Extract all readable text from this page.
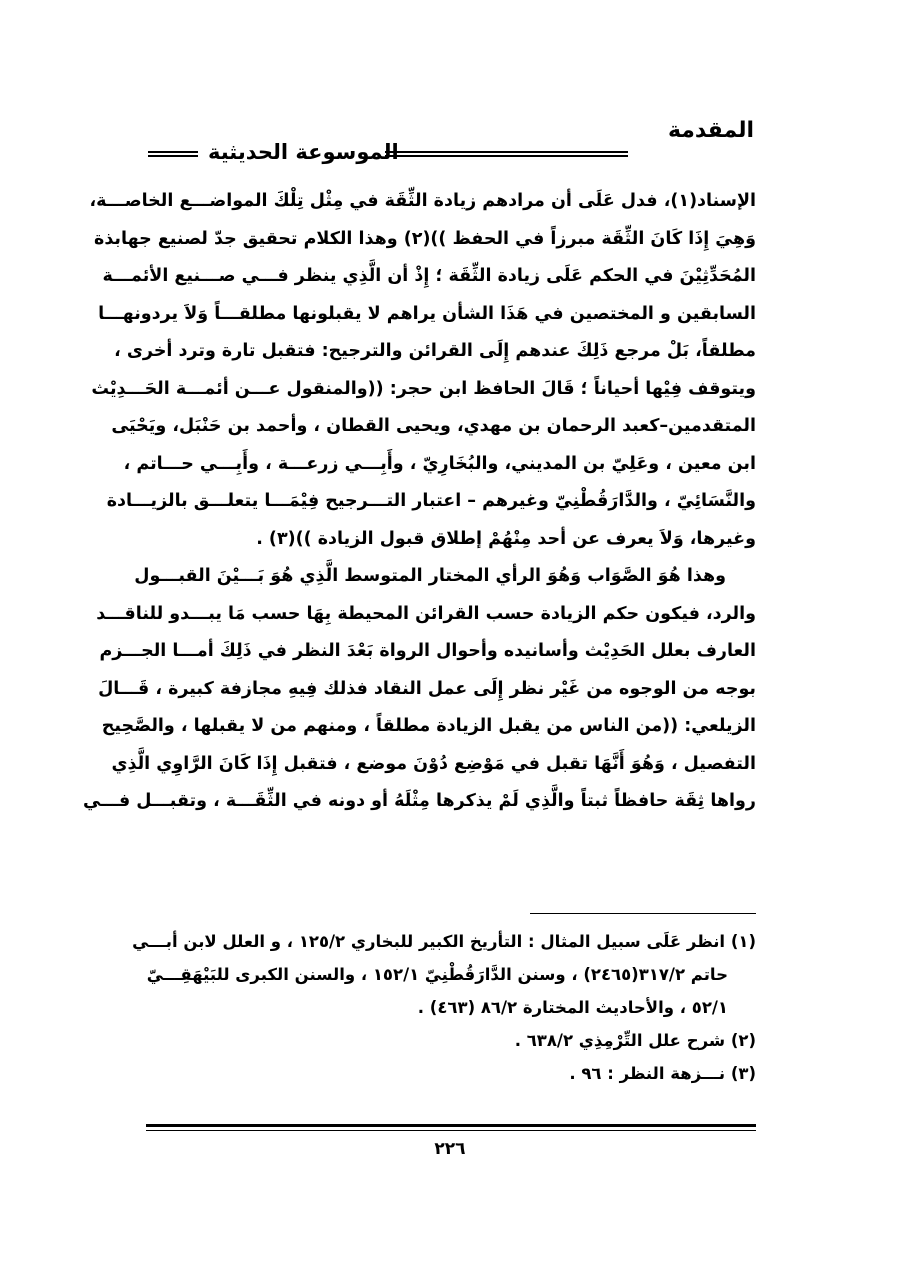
المقدمة
الموسوعة الحديثية
الإسناد(١)، فدل عَلَى أن مرادهم زيادة الثِّقَة في مِثْل تِلْكَ المواضـــع الخاصـــة،
وَهِيَ إِذَا كَانَ الثِّقَة مبرزاً في الحفظ ))(٢) وهذا الكلام تحقيق جدّ لصنيع جهابذة
المُحَدِّثِيْنَ في الحكم عَلَى زيادة الثِّقَة ؛ إِذْ أن الَّذِي ينظر فـــي صـــنيع الأئمـــة
السابقين و المختصين في هَذَا الشأن يراهم لا يقبلونها مطلقـــاً وَلاَ يردونهـــا
مطلقاً، بَلْ مرجع ذَلِكَ عندهم إِلَى القرائن والترجيح: فتقبل تارة وترد أخرى ،
ويتوقف فِيْها أحياناً ؛ قَالَ الحافظ ابن حجر: ((والمنقول عـــن أئمـــة الحَـــدِيْث
المتقدمين–كعبد الرحمان بن مهدي، ويحيى القطان ، وأحمد بن حَنْبَل، ويَحْيَى
ابن معين ، وعَلِيّ بن المديني، والبُخَارِيّ ، وأَبِـــي زرعـــة ، وأَبِـــي حـــاتم ،
والنَّسَائِيّ ، والدَّارَقُطْنِيّ وغيرهم – اعتبار التـــرجيح فِيْمَـــا يتعلـــق بالزيـــادة
وغيرها، وَلاَ يعرف عن أحد مِنْهُمْ إطلاق قبول الزيادة ))(٣) .
وهذا هُوَ الصَّوَاب وَهُوَ الرأي المختار المتوسط الَّذِي هُوَ بَـــيْنَ القبـــول
والرد، فيكون حكم الزيادة حسب القرائن المحيطة بِهَا حسب مَا يبـــدو للناقـــد
العارف بعلل الحَدِيْث وأسانيده وأحوال الرواة بَعْدَ النظر في ذَلِكَ أمـــا الجـــزم
بوجه من الوجوه من غَيْر نظر إِلَى عمل النقاد فذلك فِيهِ مجازفة كبيرة ، قَـــالَ
الزيلعي: ((من الناس من يقبل الزيادة مطلقاً ، ومنهم من لا يقبلها ، والصَّحِيح
التفصيل ، وَهُوَ أَنَّهَا تقبل في مَوْضِع دُوْنَ موضع ، فتقبل إِذَا كَانَ الرَّاوِي الَّذِي
رواها ثِقَة حافظاً ثبتاً والَّذِي لَمْ يذكرها مِثْلَهُ أو دونه في الثِّقَـــة ، وتقبـــل فـــي
(١) انظر عَلَى سبيل المثال : التأريخ الكبير للبخاري ١٢٥/٢ ، و العلل لابن أبـــي
حاتم ٣١٧/٢(٢٤٦٥) ، وسنن الدَّارَقُطْنِيّ ١٥٢/١ ، والسنن الكبرى للبَيْهَقِـــيّ
٥٢/١ ، والأحاديث المختارة ٨٦/٢ (٤٦٣) .
(٢) شرح علل التِّرْمِذِي ٦٣٨/٢ .
(٣) نـــزهة النظر : ٩٦ .
٢٢٦
